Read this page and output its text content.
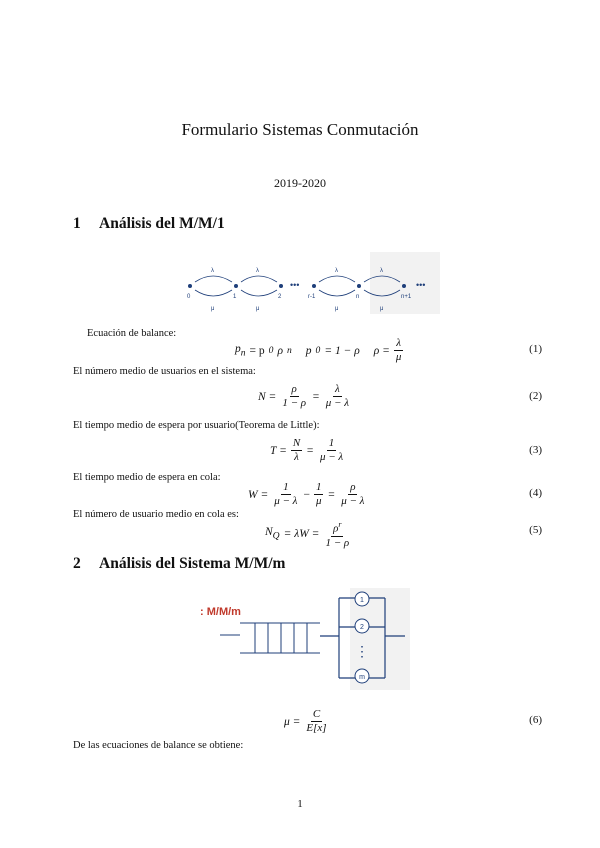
Formulario Sistemas Conmutación
2019-2020
1 Análisis del M/M/1
0	1	2	r-1	n	n+1
•••	•••
λ	λ	λ	λ
μ	μ	μ	μ
Ecuación de balance:
$p_n = p$ 0 ρ n p 0 = 1 − ρ $\rho = \frac{\lambda}{\mu}$	(1)
El número medio de usuarios en el sistema:
$N = \frac{\rho}{1 - \rho} = \frac{\lambda}{\mu - \lambda}$	(2)
El tiempo medio de espera por usuario(Teorema de Little):
$T = \frac{N}{\lambda} = \frac{1}{\mu - \lambda}$	(3)
El tiempo medio de espera en cola:
$W = \frac{1}{\mu - \lambda} - \frac{1}{\mu} = \frac{\rho}{\mu - \lambda}$	(4)
El número de usuario medio en cola es:
$N_Q = \lambda W = \frac{\rho^r}{1 - \rho}$	(5)
2 Análisis del Sistema M/M/m
: M/M/m
1
2
m
⋮
$\mu = \frac{C}{E[x]}$	(6)
De las ecuaciones de balance se obtiene:
1
